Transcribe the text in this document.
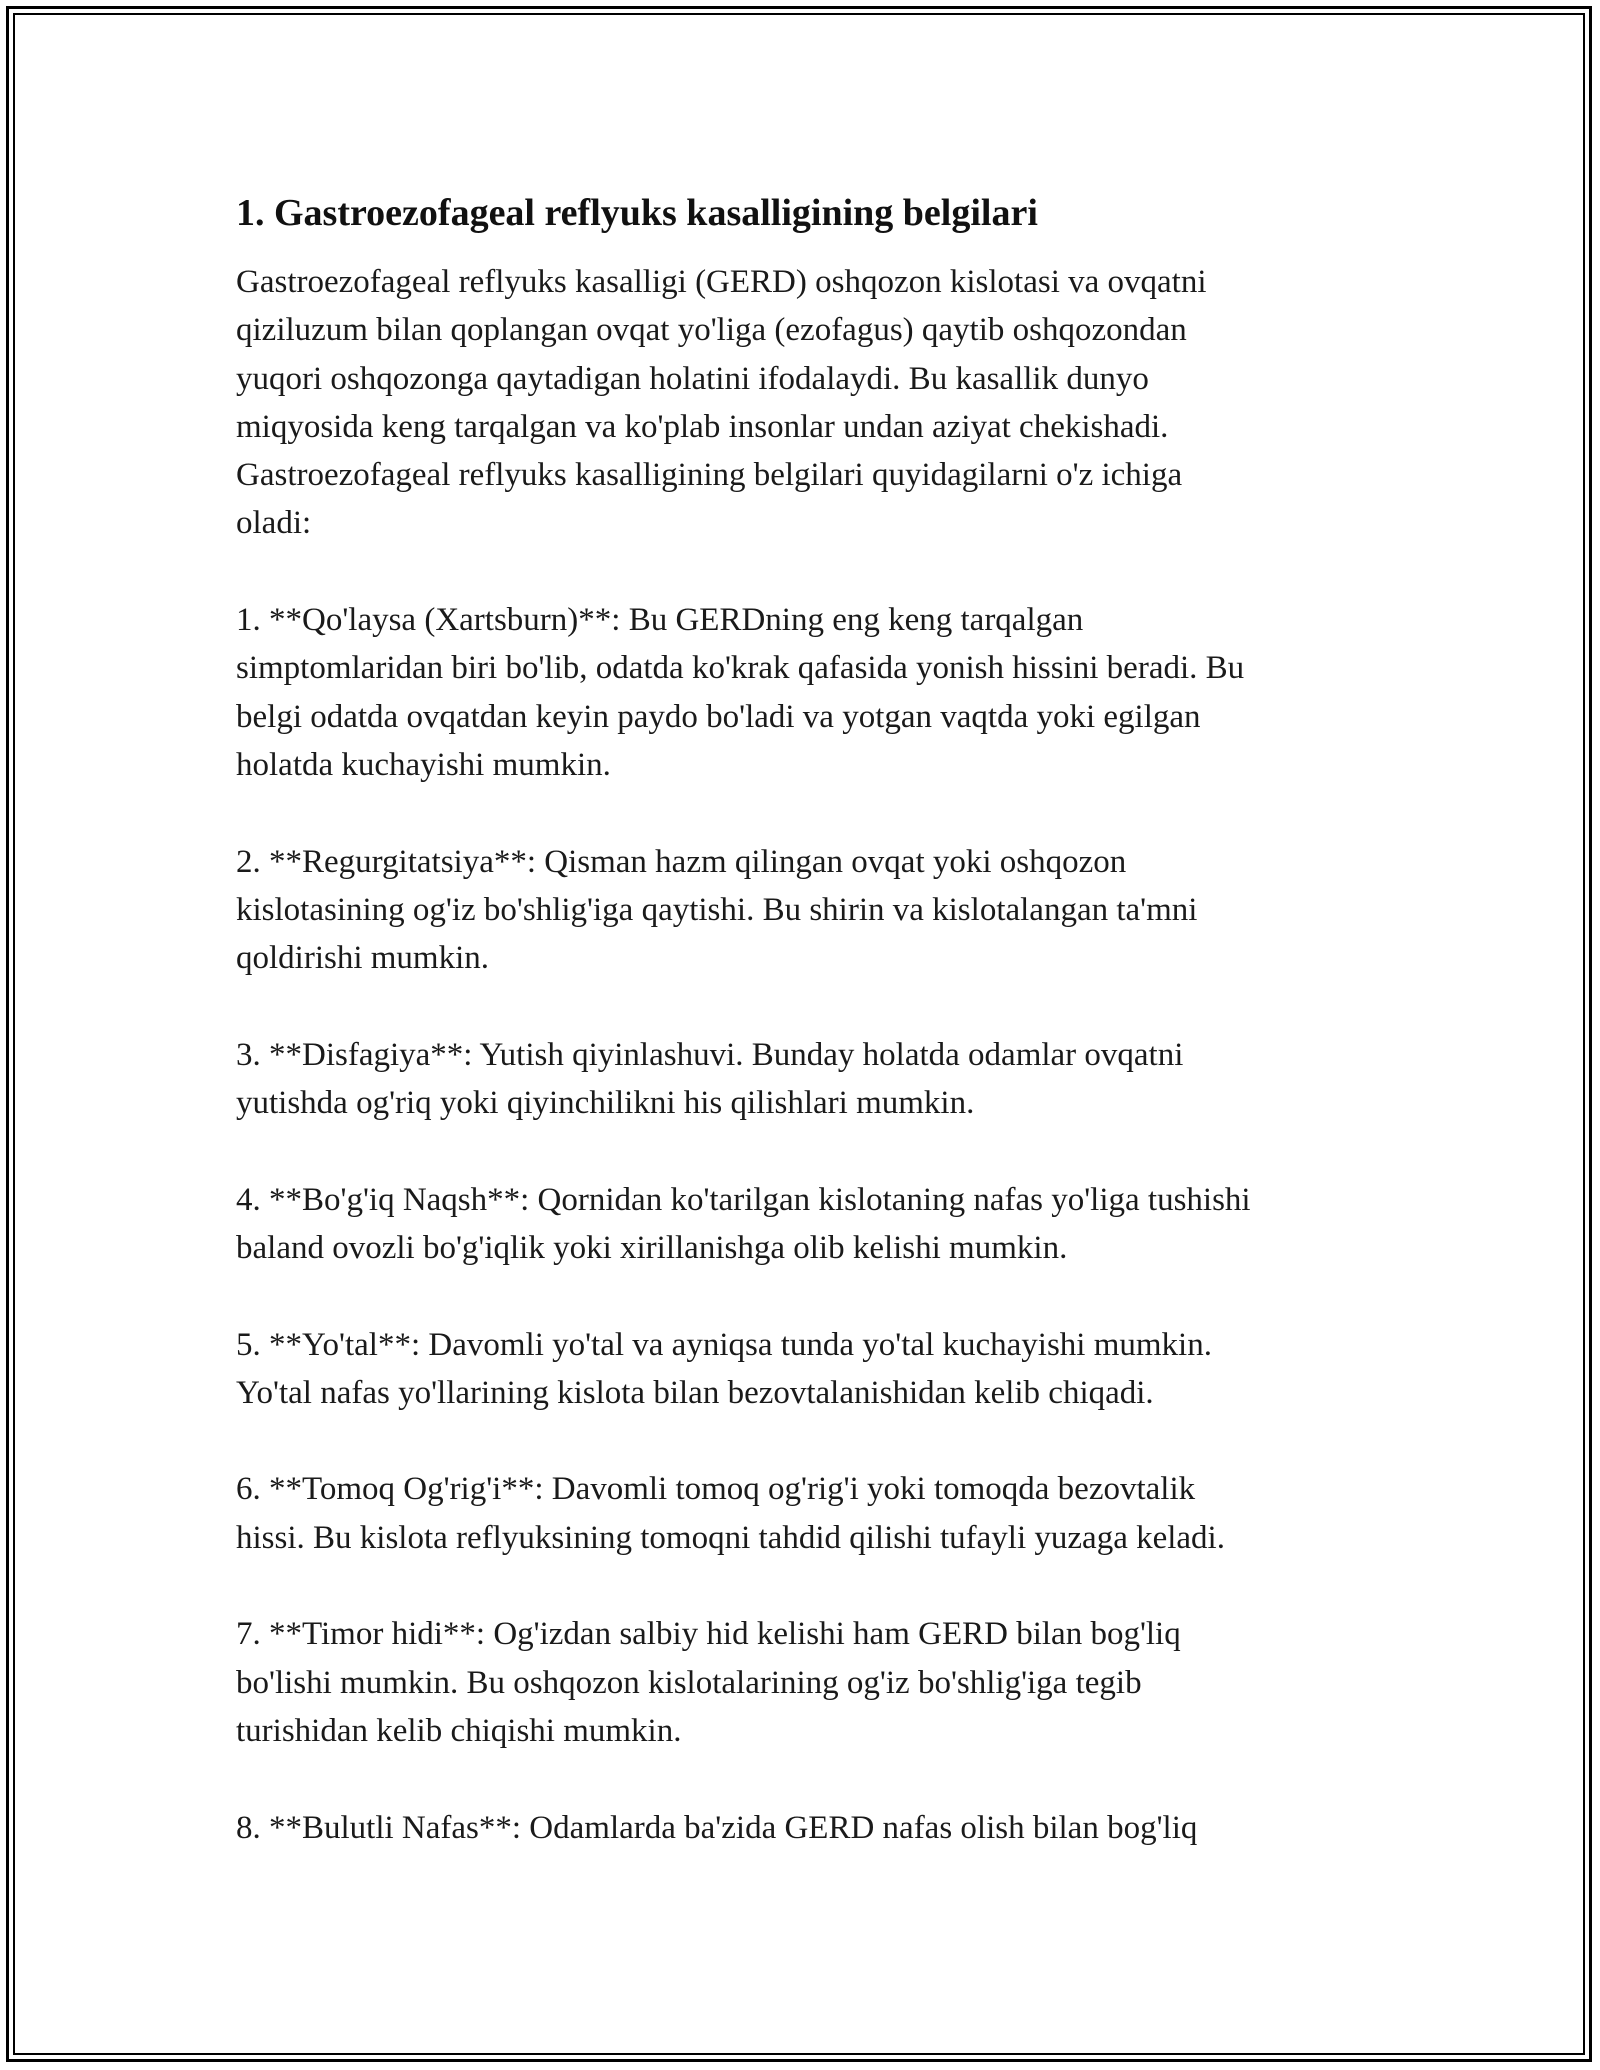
1. Gastroezofageal reflyuks kasalligining belgilari

Gastroezofageal reflyuks kasalligi (GERD) oshqozon kislotasi va ovqatni
qiziluzum bilan qoplangan ovqat yo'liga (ezofagus) qaytib oshqozondan
yuqori oshqozonga qaytadigan holatini ifodalaydi. Bu kasallik dunyo
miqyosida keng tarqalgan va ko'plab insonlar undan aziyat chekishadi.
Gastroezofageal reflyuks kasalligining belgilari quyidagilarni o'z ichiga
oladi:

1. **Qo'laysa (Xartsburn)**: Bu GERDning eng keng tarqalgan
simptomlaridan biri bo'lib, odatda ko'krak qafasida yonish hissini beradi. Bu
belgi odatda ovqatdan keyin paydo bo'ladi va yotgan vaqtda yoki egilgan
holatda kuchayishi mumkin.

2. **Regurgitatsiya**: Qisman hazm qilingan ovqat yoki oshqozon
kislotasining og'iz bo'shlig'iga qaytishi. Bu shirin va kislotalangan ta'mni
qoldirishi mumkin.

3. **Disfagiya**: Yutish qiyinlashuvi. Bunday holatda odamlar ovqatni
yutishda og'riq yoki qiyinchilikni his qilishlari mumkin.

4. **Bo'g'iq Naqsh**: Qornidan ko'tarilgan kislotaning nafas yo'liga tushishi
baland ovozli bo'g'iqlik yoki xirillanishga olib kelishi mumkin.

5. **Yo'tal**: Davomli yo'tal va ayniqsa tunda yo'tal kuchayishi mumkin.
Yo'tal nafas yo'llarining kislota bilan bezovtalanishidan kelib chiqadi.

6. **Tomoq Og'rig'i**: Davomli tomoq og'rig'i yoki tomoqda bezovtalik
hissi. Bu kislota reflyuksining tomoqni tahdid qilishi tufayli yuzaga keladi.

7. **Timor hidi**: Og'izdan salbiy hid kelishi ham GERD bilan bog'liq
bo'lishi mumkin. Bu oshqozon kislotalarining og'iz bo'shlig'iga tegib
turishidan kelib chiqishi mumkin.

8. **Bulutli Nafas**: Odamlarda ba'zida GERD nafas olish bilan bog'liq
